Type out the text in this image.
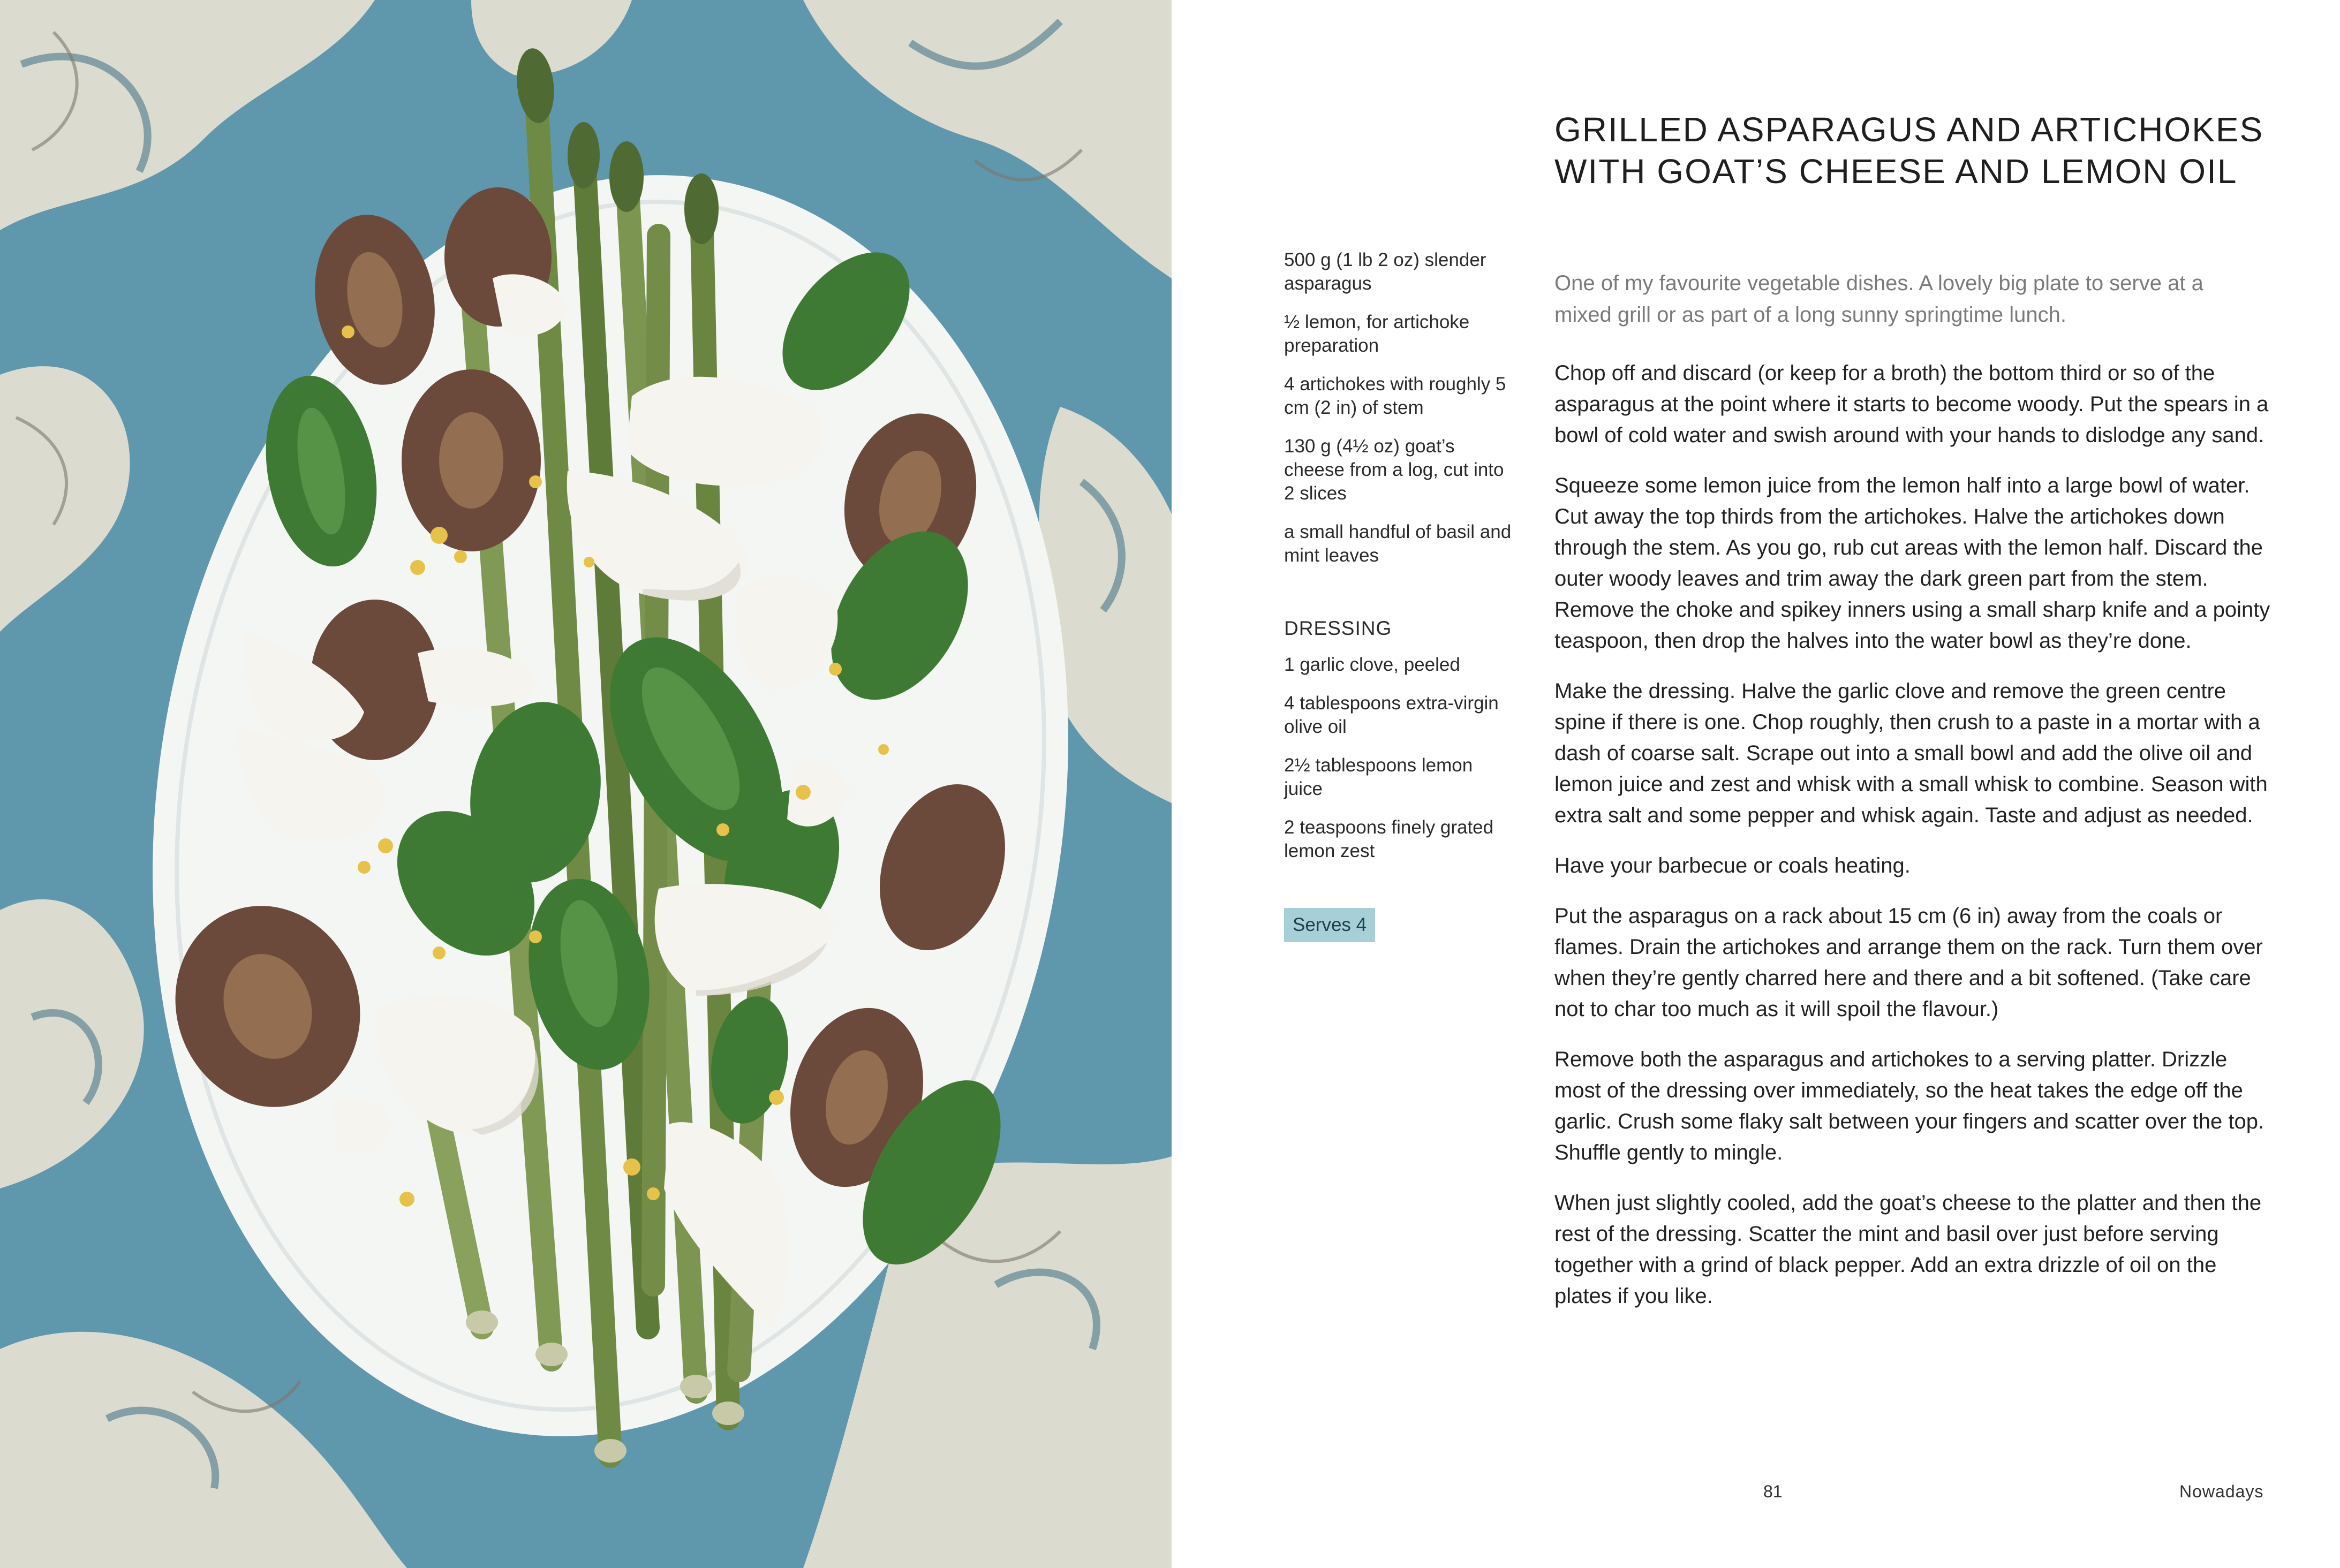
GRILLED ASPARAGUS AND ARTICHOKES
WITH GOAT’S CHEESE AND LEMON OIL

500 g (1 lb 2 oz) slender asparagus

½ lemon, for artichoke preparation

4 artichokes with roughly 5 cm (2 in) of stem

130 g (4½ oz) goat’s cheese from a log, cut into 2 slices

a small handful of basil and mint leaves

DRESSING

1 garlic clove, peeled

4 tablespoons extra-virgin olive oil

2½ tablespoons lemon juice

2 teaspoons finely grated lemon zest

Serves 4

One of my favourite vegetable dishes. A lovely big plate to serve at a mixed grill or as part of a long sunny springtime lunch.

Chop off and discard (or keep for a broth) the bottom third or so of the asparagus at the point where it starts to become woody. Put the spears in a bowl of cold water and swish around with your hands to dislodge any sand.

Squeeze some lemon juice from the lemon half into a large bowl of water. Cut away the top thirds from the artichokes. Halve the artichokes down through the stem. As you go, rub cut areas with the lemon half. Discard the outer woody leaves and trim away the dark green part from the stem. Remove the choke and spikey inners using a small sharp knife and a pointy teaspoon, then drop the halves into the water bowl as they’re done.

Make the dressing. Halve the garlic clove and remove the green centre spine if there is one. Chop roughly, then crush to a paste in a mortar with a dash of coarse salt. Scrape out into a small bowl and add the olive oil and lemon juice and zest and whisk with a small whisk to combine. Season with extra salt and some pepper and whisk again. Taste and adjust as needed.

Have your barbecue or coals heating.

Put the asparagus on a rack about 15 cm (6 in) away from the coals or flames. Drain the artichokes and arrange them on the rack. Turn them over when they’re gently charred here and there and a bit softened. (Take care not to char too much as it will spoil the flavour.)

Remove both the asparagus and artichokes to a serving platter. Drizzle most of the dressing over immediately, so the heat takes the edge off the garlic. Crush some flaky salt between your fingers and scatter over the top. Shuffle gently to mingle.

When just slightly cooled, add the goat’s cheese to the platter and then the rest of the dressing. Scatter the mint and basil over just before serving together with a grind of black pepper. Add an extra drizzle of oil on the plates if you like.

81	Nowadays
